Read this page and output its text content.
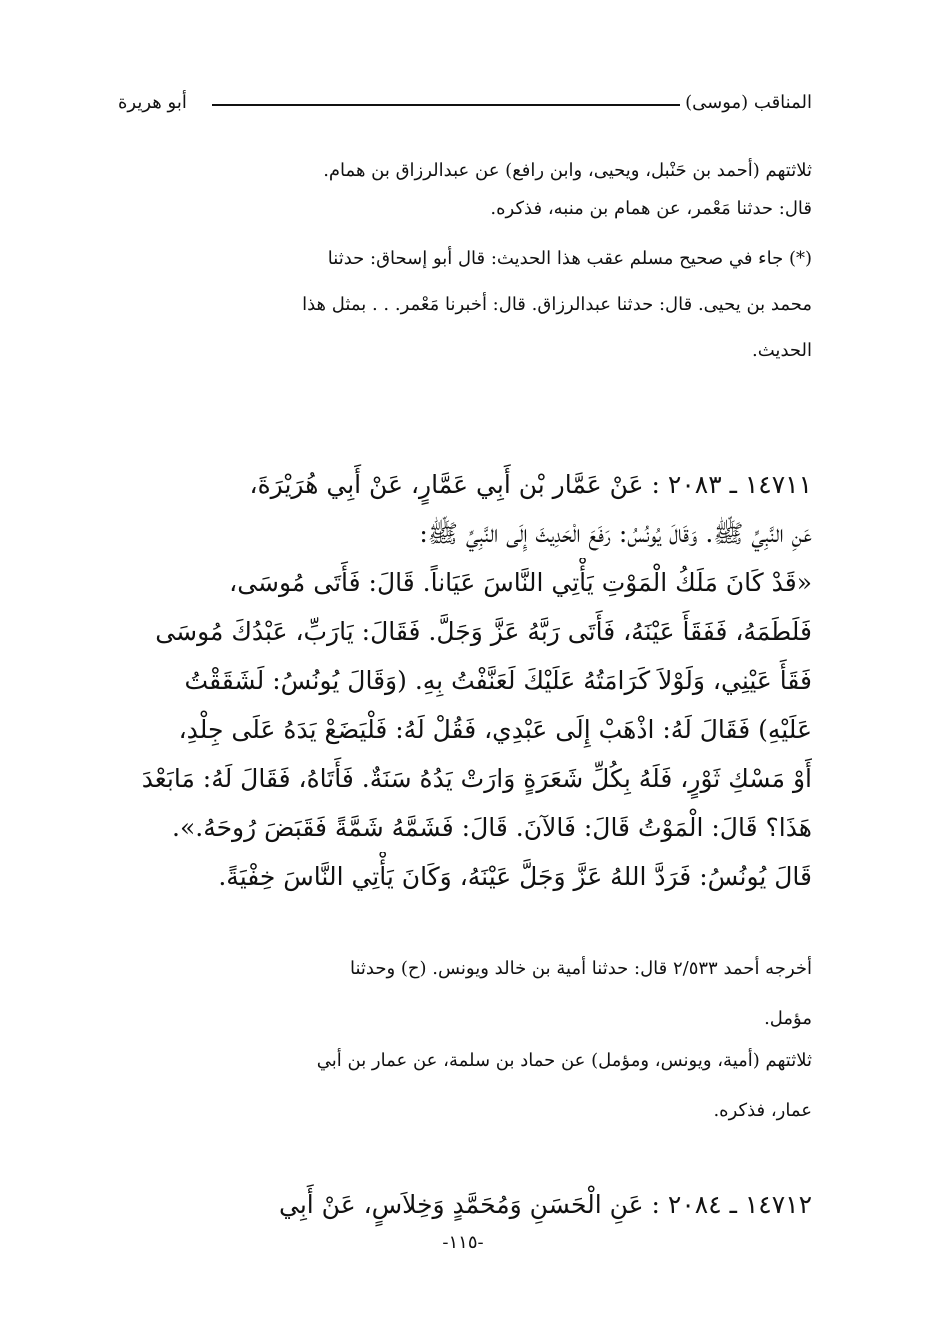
المناقب (موسى)
أبو هريرة
ثلاثتهم (أحمد بن حَنْبل، ويحيى، وابن رافع) عن عبدالرزاق بن همام.
قال: حدثنا مَعْمر، عن همام بن منبه، فذكره.
(*) جاء في صحيح مسلم عقب هذا الحديث: قال أبو إسحاق: حدثنا
محمد بن يحيى. قال: حدثنا عبدالرزاق. قال: أخبرنا مَعْمر. . . بمثل هذا
الحديث.
١٤٧١١ ـ ٢٠٨٣ : عَنْ عَمَّار بْن أَبِي عَمَّارٍ، عَنْ أَبِي هُرَيْرَةَ،
عَنِ النَّبِيِّ ﷺ. وَقَالَ يُونُسُ: رَفَعَ الْحَدِيثَ إِلَى النَّبِيِّ ﷺ:
«قَدْ كَانَ مَلَكُ الْمَوْتِ يَأْتِي النَّاسَ عَيَاناً. قَالَ: فَأَتَى مُوسَى،
فَلَطَمَهُ، فَفَقَأَ عَيْنَهُ، فَأَتَى رَبَّهُ عَزَّ وَجَلَّ. فَقَالَ: يَارَبِّ، عَبْدُكَ مُوسَى
فَقَأَ عَيْنِي، وَلَوْلاَ كَرَامَتُهُ عَلَيْكَ لَعَنَّفْتُ بِهِ. (وَقَالَ يُونُسُ: لَشَقَقْتُ
عَلَيْهِ) فَقَالَ لَهُ: اذْهَبْ إِلَى عَبْدِي، فَقُلْ لَهُ: فَلْيَضَعْ يَدَهُ عَلَى جِلْدِ،
أَوْ مَسْكِ ثَوْرٍ، فَلَهُ بِكُلِّ شَعَرَةٍ وَارَتْ يَدُهُ سَنَةٌ. فَأَتَاهُ، فَقَالَ لَهُ: مَابَعْدَ
هَذَا؟ قَالَ: الْمَوْتُ قَالَ: فَالآنَ. قَالَ: فَشَمَّهُ شَمَّةً فَقَبَضَ رُوحَهُ.».
قَالَ يُونُسُ: فَرَدَّ اللهُ عَزَّ وَجَلَّ عَيْنَهُ، وَكَانَ يَأْتِي النَّاسَ خِفْيَةً.
أخرجه أحمد ٢/٥٣٣ قال: حدثنا أمية بن خالد ويونس. (ح) وحدثنا
مؤمل.
ثلاثتهم (أمية، ويونس، ومؤمل) عن حماد بن سلمة، عن عمار بن أبي
عمار، فذكره.
١٤٧١٢ ـ ٢٠٨٤ : عَنِ الْحَسَنِ وَمُحَمَّدٍ وَخِلاَسٍ، عَنْ أَبِي
-١١٥-
